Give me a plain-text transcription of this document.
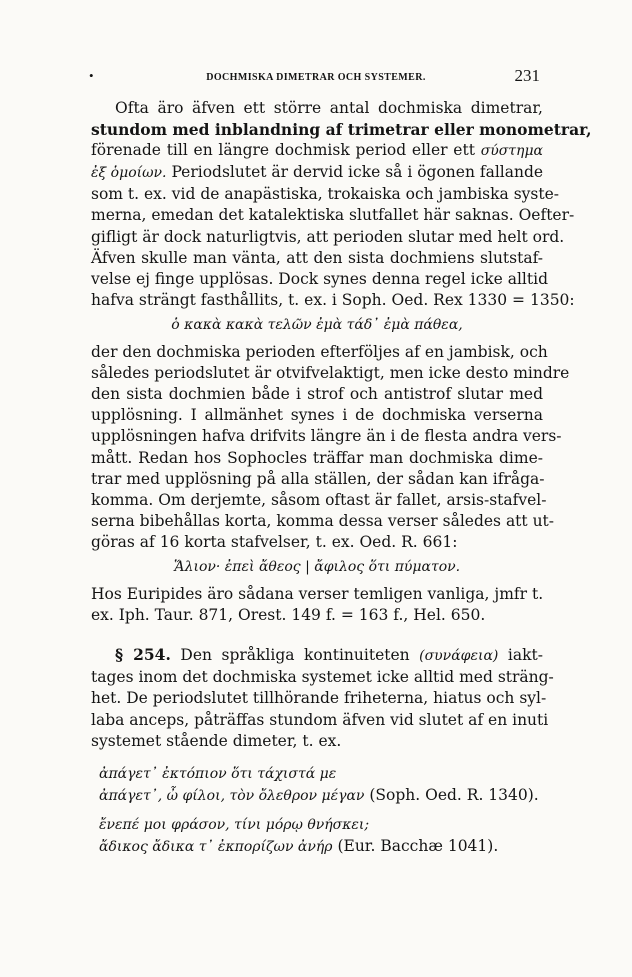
•	DOCHMISKA DIMETRAR OCH SYSTEMER.	231

Ofta äro äfven ett större antal dochmiska dimetrar,

stundom med inblandning af trimetrar eller monometrar,

förenade till en längre dochmisk period eller ett σύστημα

ἐξ ὁμοίων. Periodslutet är dervid icke så i ögonen fallande

som t. ex. vid de anapästiska, trokaiska och jambiska syste-

merna, emedan det katalektiska slutfallet här saknas. Oefter-

gifligt är dock naturligtvis, att perioden slutar med helt ord.

Äfven skulle man vänta, att den sista dochmiens slutstaf-

velse ej finge upplösas. Dock synes denna regel icke alltid

hafva strängt fasthållits, t. ex. i Soph. Oed. Rex 1330 = 1350:

ὁ κακὰ κακὰ τελῶν ἐμὰ τάδ᾽ ἐμὰ πάθεα,

der den dochmiska perioden efterföljes af en jambisk, och

således periodslutet är otvifvelaktigt, men icke desto mindre

den sista dochmien både i strof och antistrof slutar med

upplösning. I allmänhet synes i de dochmiska verserna

upplösningen hafva drifvits längre än i de flesta andra vers-

mått. Redan hos Sophocles träffar man dochmiska dime-

trar med upplösning på alla ställen, der sådan kan ifråga-

komma. Om derjemte, såsom oftast är fallet, arsis-stafvel-

serna bibehållas korta, komma dessa verser således att ut-

göras af 16 korta stafvelser, t. ex. Oed. R. 661:

Ἅλιον· ἐπεὶ ἄθεος | ἄφιλος ὅτι πύματον.

Hos Euripides äro sådana verser temligen vanliga, jmfr t.

ex. Iph. Taur. 871, Orest. 149 f. = 163 f., Hel. 650.

§ 254. Den språkliga kontinuiteten (συνάφεια) iakt-

tages inom det dochmiska systemet icke alltid med sträng-

het. De periodslutet tillhörande friheterna, hiatus och syl-

laba anceps, påträffas stundom äfven vid slutet af en inuti

systemet stående dimeter, t. ex.

ἀπάγετ᾽ ἐκτόπιον ὅτι τάχιστά με

ἀπάγετ᾽, ὦ φίλοι, τὸν ὄλεθρον μέγαν (Soph. Oed. R. 1340).

ἔνεπέ μοι φράσον, τίνι μόρῳ θνήσκει;

ἄδικος ἄδικα τ᾽ ἐκπορίζων ἀνήρ (Eur. Bacchæ 1041).
